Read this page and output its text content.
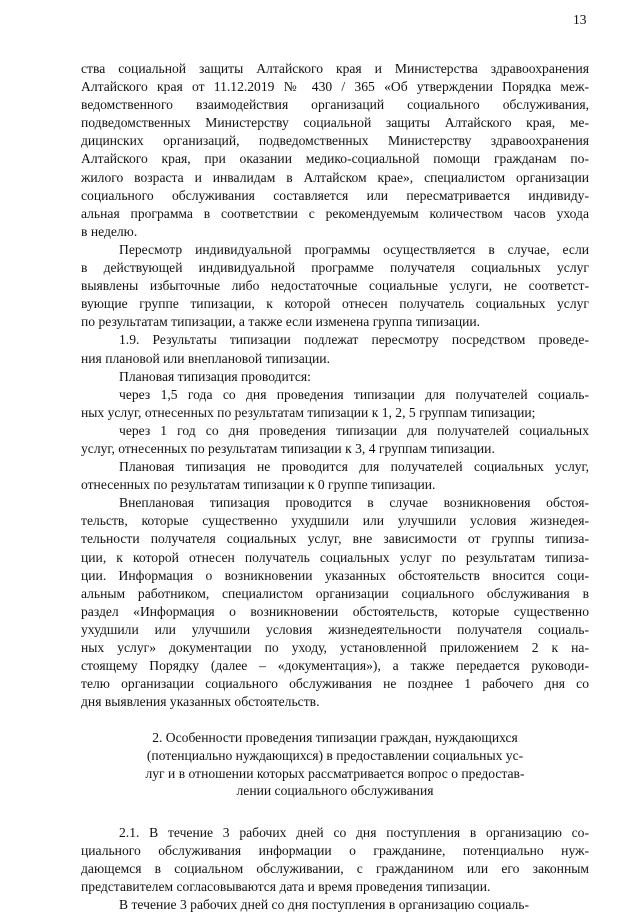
13

ства социальной защиты Алтайского края и Министерства здравоохранения

Алтайского края от 11.12.2019 № 430 / 365 «Об утверждении Порядка меж-

ведомственного взаимодействия организаций социального обслуживания,

подведомственных Министерству социальной защиты Алтайского края, ме-

дицинских организаций, подведомственных Министерству здравоохранения

Алтайского края, при оказании медико-социальной помощи гражданам по-

жилого возраста и инвалидам в Алтайском крае», специалистом организации

социального обслуживания составляется или пересматривается индивиду-

альная программа в соответствии с рекомендуемым количеством часов ухода

в неделю.

Пересмотр индивидуальной программы осуществляется в случае, если

в действующей индивидуальной программе получателя социальных услуг

выявлены избыточные либо недостаточные социальные услуги, не соответст-

вующие группе типизации, к которой отнесен получатель социальных услуг

по результатам типизации, а также если изменена группа типизации.

1.9. Результаты типизации подлежат пересмотру посредством проведе-

ния плановой или внеплановой типизации.

Плановая типизация проводится:

через 1,5 года со дня проведения типизации для получателей социаль-

ных услуг, отнесенных по результатам типизации к 1, 2, 5 группам типизации;

через 1 год со дня проведения типизации для получателей социальных

услуг, отнесенных по результатам типизации к 3, 4 группам типизации.

Плановая типизация не проводится для получателей социальных услуг,

отнесенных по результатам типизации к 0 группе типизации.

Внеплановая типизация проводится в случае возникновения обстоя-

тельств, которые существенно ухудшили или улучшили условия жизнедея-

тельности получателя социальных услуг, вне зависимости от группы типиза-

ции, к которой отнесен получатель социальных услуг по результатам типиза-

ции. Информация о возникновении указанных обстоятельств вносится соци-

альным работником, специалистом организации социального обслуживания в

раздел «Информация о возникновении обстоятельств, которые существенно

ухудшили или улучшили условия жизнедеятельности получателя социаль-

ных услуг» документации по уходу, установленной приложением 2 к на-

стоящему Порядку (далее – «документация»), а также передается руководи-

телю организации социального обслуживания не позднее 1 рабочего дня со

дня выявления указанных обстоятельств.

2. Особенности проведения типизации граждан, нуждающихся
(потенциально нуждающихся) в предоставлении социальных ус-
луг и в отношении которых рассматривается вопрос о предостав-
лении социального обслуживания

2.1. В течение 3 рабочих дней со дня поступления в организацию со-

циального обслуживания информации о гражданине, потенциально нуж-

дающемся в социальном обслуживании, с гражданином или его законным

представителем согласовываются дата и время проведения типизации.

В течение 3 рабочих дней со дня поступления в организацию социаль-
